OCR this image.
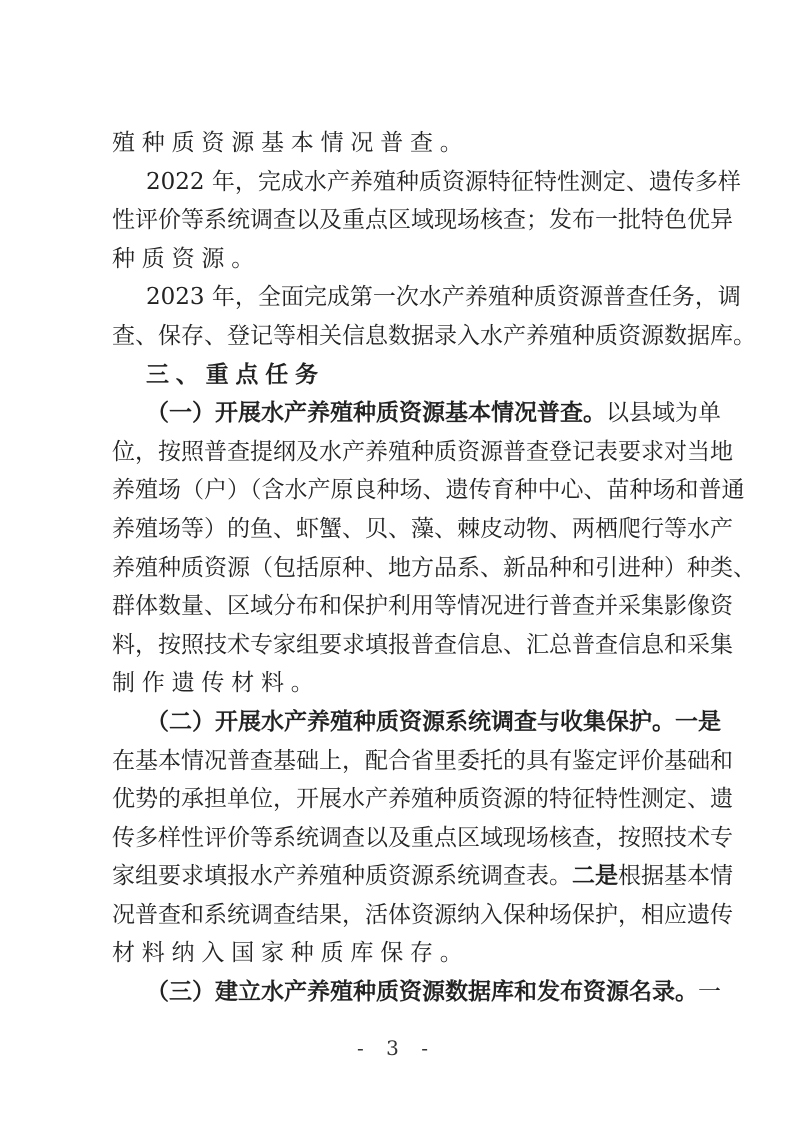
殖种质资源基本情况普查。
2022 年，完成水产养殖种质资源特征特性测定、遗传多样
性评价等系统调查以及重点区域现场核查；发布一批特色优异
种质资源。
2023 年，全面完成第一次水产养殖种质资源普查任务，调
查、保存、登记等相关信息数据录入水产养殖种质资源数据库。
三、重点任务
（一）开展水产养殖种质资源基本情况普查。以县域为单
位，按照普查提纲及水产养殖种质资源普查登记表要求对当地
养殖场（户）（含水产原良种场、遗传育种中心、苗种场和普通
养殖场等）的鱼、虾蟹、贝、藻、棘皮动物、两栖爬行等水产
养殖种质资源（包括原种、地方品系、新品种和引进种）种类、
群体数量、区域分布和保护利用等情况进行普查并采集影像资
料，按照技术专家组要求填报普查信息、汇总普查信息和采集
制作遗传材料。
（二）开展水产养殖种质资源系统调查与收集保护。一是
在基本情况普查基础上，配合省里委托的具有鉴定评价基础和
优势的承担单位，开展水产养殖种质资源的特征特性测定、遗
传多样性评价等系统调查以及重点区域现场核查，按照技术专
家组要求填报水产养殖种质资源系统调查表。二是根据基本情
况普查和系统调查结果，活体资源纳入保种场保护，相应遗传
材料纳入国家种质库保存。
（三）建立水产养殖种质资源数据库和发布资源名录。一
- 3 -
